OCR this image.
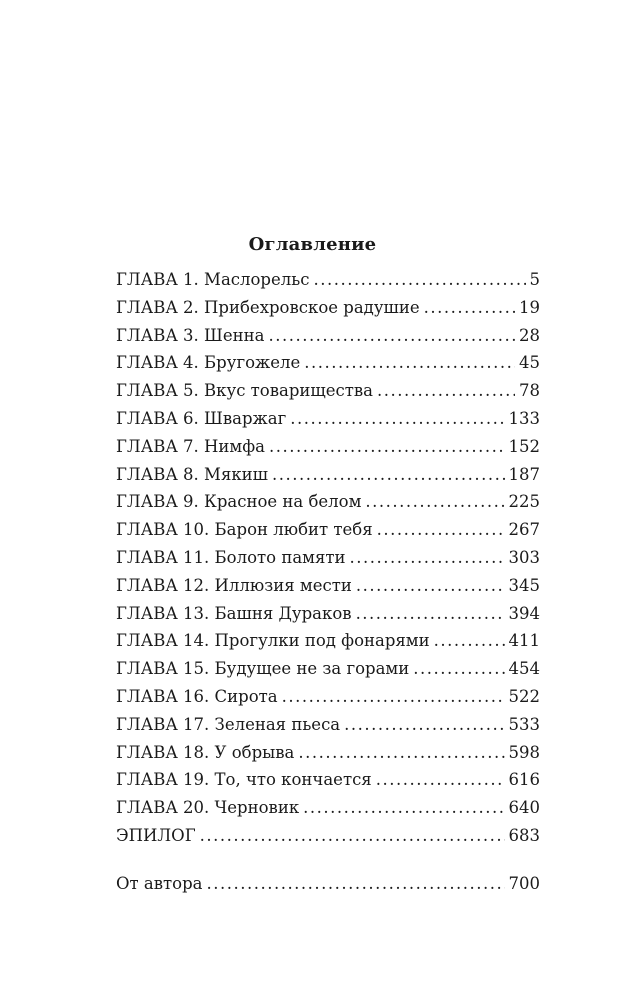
Оглавление
ГЛАВА 1. Маслорельс .....	5
ГЛАВА 2. Прибехровское радушие .....	19
ГЛАВА 3. Шенна .....	28
ГЛАВА 4. Бругожеле .....	45
ГЛАВА 5. Вкус товарищества .....	78
ГЛАВА 6. Шваржаг .....	133
ГЛАВА 7. Нимфа .....	152
ГЛАВА 8. Мякиш .....	187
ГЛАВА 9. Красное на белом .....	225
ГЛАВА 10. Барон любит тебя .....	267
ГЛАВА 11. Болото памяти .....	303
ГЛАВА 12. Иллюзия мести .....	345
ГЛАВА 13. Башня Дураков .....	394
ГЛАВА 14. Прогулки под фонарями .....	411
ГЛАВА 15. Будущее не за горами .....	454
ГЛАВА 16. Сирота .....	522
ГЛАВА 17. Зеленая пьеса .....	533
ГЛАВА 18. У обрыва .....	598
ГЛАВА 19. То, что кончается .....	616
ГЛАВА 20. Черновик .....	640
ЭПИЛОГ .....	683
От автора .....	700
